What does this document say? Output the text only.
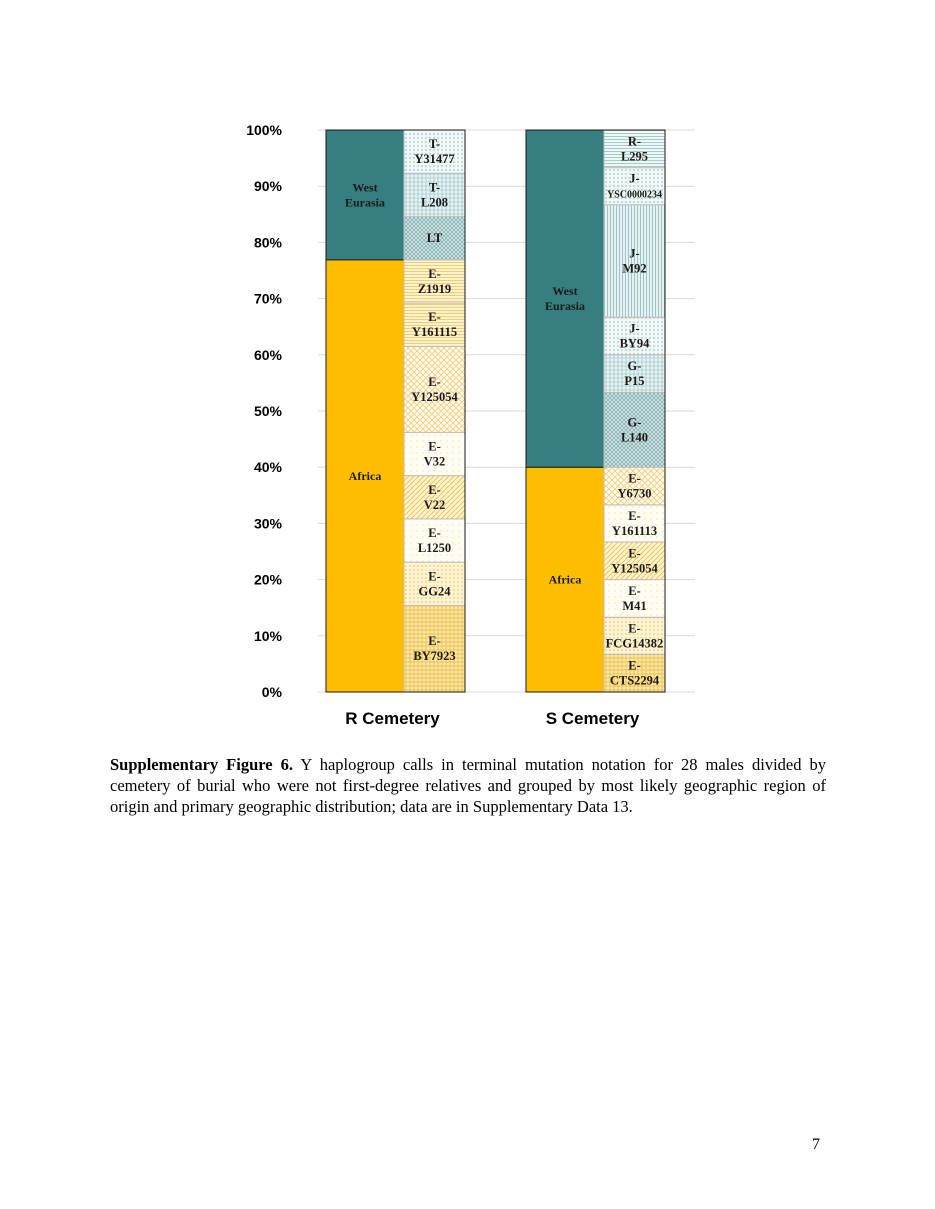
0%
10%
20%
30%
40%
50%
60%
70%
80%
90%
100%
Africa
West
Eurasia
E-
BY7923
E-
GG24
E-
L1250
E-
V22
E-
V32
E-
Y125054
E-
Y161115
E-
Z1919
LT
T-
L208
T-
Y31477
Africa
West
Eurasia
E-
CTS2294
E-
FCG14382
E-
M41
E-
Y125054
E-
Y161113
E-
Y6730
G-
L140
G-
P15
J-
BY94
J-
M92
J-
YSC0000234
R-
L295
R Cemetery	S Cemetery
Supplementary Figure 6. Y haplogroup calls in terminal mutation notation for 28 males divided by cemetery of burial who were not first-degree relatives and grouped by most likely geographic region of origin and primary geographic distribution; data are in Supplementary Data 13.
7
